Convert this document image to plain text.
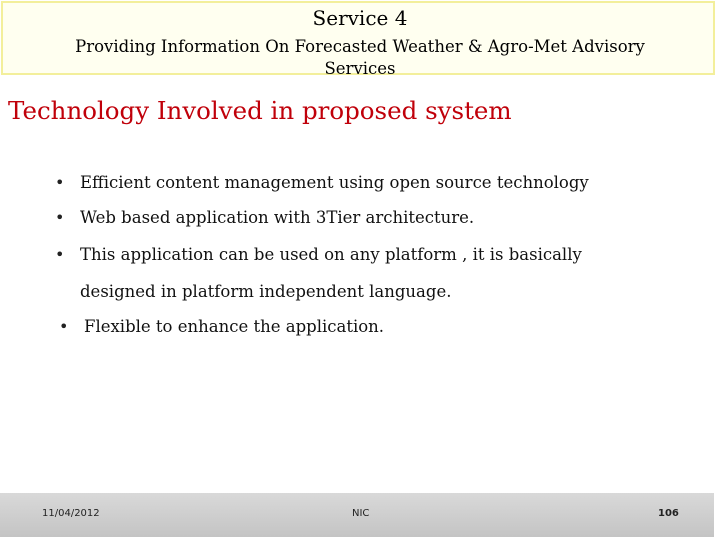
Service 4
Providing Information On Forecasted Weather & Agro-Met Advisory
Services
Technology Involved in proposed system
• Efficient content management using open source technology
• Web based application with 3Tier architecture.
• This application can be used on any platform , it is basically
designed in platform independent language.
• Flexible to enhance the application.
11/04/2012	NIC	106
